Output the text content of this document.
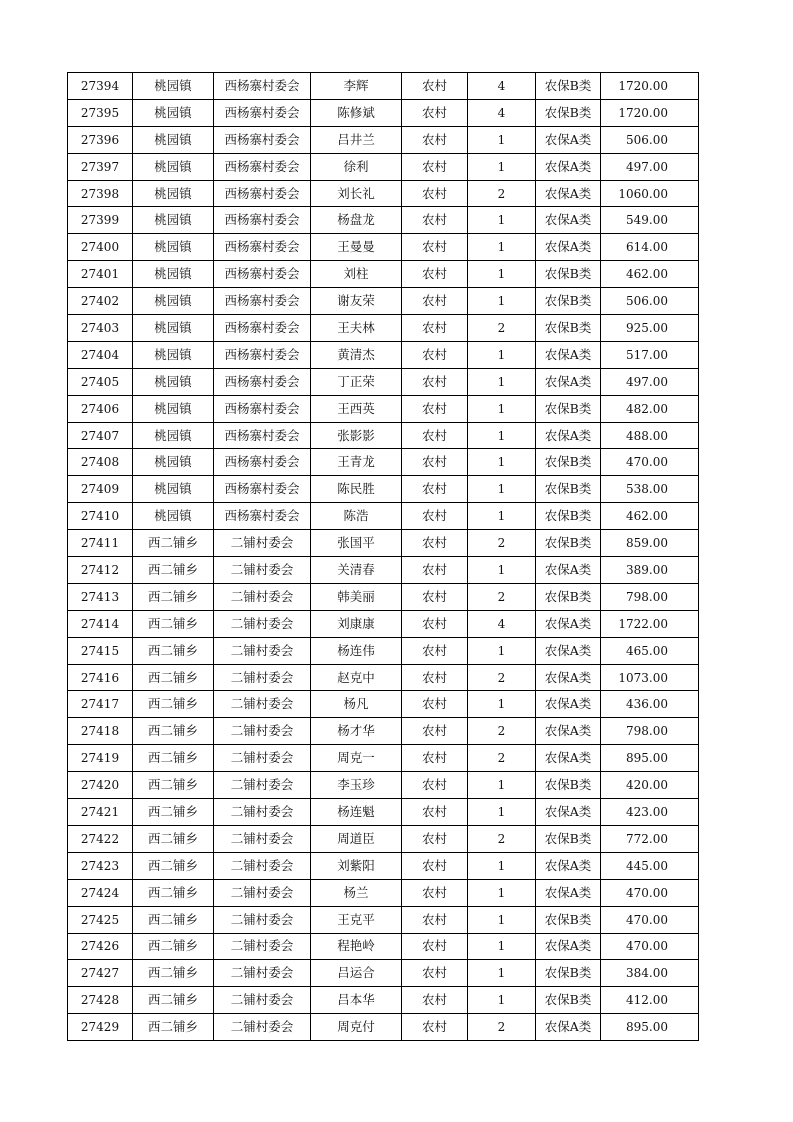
27394	桃园镇	西杨寨村委会	李辉	农村	4	农保B类	1720.00
27395	桃园镇	西杨寨村委会	陈修斌	农村	4	农保B类	1720.00
27396	桃园镇	西杨寨村委会	吕井兰	农村	1	农保A类	506.00
27397	桃园镇	西杨寨村委会	徐利	农村	1	农保A类	497.00
27398	桃园镇	西杨寨村委会	刘长礼	农村	2	农保A类	1060.00
27399	桃园镇	西杨寨村委会	杨盘龙	农村	1	农保A类	549.00
27400	桃园镇	西杨寨村委会	王曼曼	农村	1	农保A类	614.00
27401	桃园镇	西杨寨村委会	刘柱	农村	1	农保B类	462.00
27402	桃园镇	西杨寨村委会	谢友荣	农村	1	农保B类	506.00
27403	桃园镇	西杨寨村委会	王夫林	农村	2	农保B类	925.00
27404	桃园镇	西杨寨村委会	黄清杰	农村	1	农保A类	517.00
27405	桃园镇	西杨寨村委会	丁正荣	农村	1	农保A类	497.00
27406	桃园镇	西杨寨村委会	王西英	农村	1	农保B类	482.00
27407	桃园镇	西杨寨村委会	张影影	农村	1	农保A类	488.00
27408	桃园镇	西杨寨村委会	王青龙	农村	1	农保B类	470.00
27409	桃园镇	西杨寨村委会	陈民胜	农村	1	农保B类	538.00
27410	桃园镇	西杨寨村委会	陈浩	农村	1	农保B类	462.00
27411	西二铺乡	二铺村委会	张国平	农村	2	农保B类	859.00
27412	西二铺乡	二铺村委会	关清春	农村	1	农保A类	389.00
27413	西二铺乡	二铺村委会	韩美丽	农村	2	农保B类	798.00
27414	西二铺乡	二铺村委会	刘康康	农村	4	农保A类	1722.00
27415	西二铺乡	二铺村委会	杨连伟	农村	1	农保A类	465.00
27416	西二铺乡	二铺村委会	赵克中	农村	2	农保A类	1073.00
27417	西二铺乡	二铺村委会	杨凡	农村	1	农保A类	436.00
27418	西二铺乡	二铺村委会	杨才华	农村	2	农保A类	798.00
27419	西二铺乡	二铺村委会	周克一	农村	2	农保A类	895.00
27420	西二铺乡	二铺村委会	李玉珍	农村	1	农保B类	420.00
27421	西二铺乡	二铺村委会	杨连魁	农村	1	农保A类	423.00
27422	西二铺乡	二铺村委会	周道臣	农村	2	农保B类	772.00
27423	西二铺乡	二铺村委会	刘紫阳	农村	1	农保A类	445.00
27424	西二铺乡	二铺村委会	杨兰	农村	1	农保A类	470.00
27425	西二铺乡	二铺村委会	王克平	农村	1	农保B类	470.00
27426	西二铺乡	二铺村委会	程艳岭	农村	1	农保A类	470.00
27427	西二铺乡	二铺村委会	吕运合	农村	1	农保B类	384.00
27428	西二铺乡	二铺村委会	吕本华	农村	1	农保B类	412.00
27429	西二铺乡	二铺村委会	周克付	农村	2	农保A类	895.00
